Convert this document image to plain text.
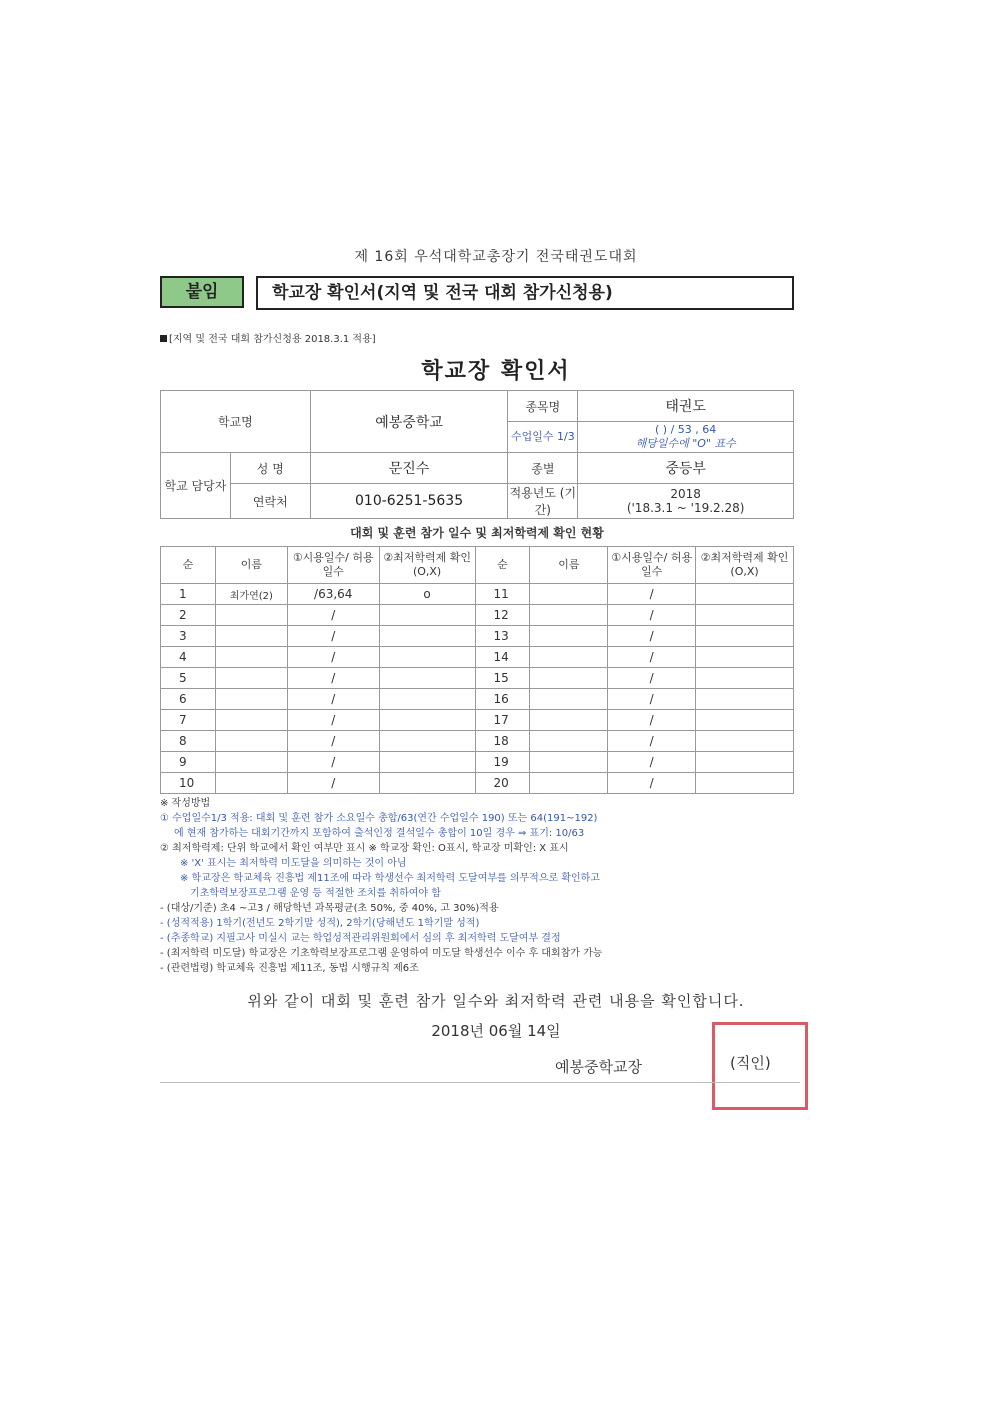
제 16회 우석대학교총장기 전국태권도대회
붙임	학교장 확인서(지역 및 전국 대회 참가신청용)
[지역 및 전국 대회 참가신청용 2018.3.1 적용]
학교장 확인서
학교명		예봉중학교	종목명	태권도
			수업일수 1/3	( ) / 53 , 64
해당일수에 "O" 표수

학교 담당자	성 명	문진수	종별	중등부
	연락처	010-6251-5635	적용년도 (기간)	2018
('18.3.1 ~ '19.2.28)
대회 및 훈련 참가 일수 및 최저학력제 확인 현황
순	이름	①시용일수/ 허용일수	②최저학력제 확인(O,X)	순	이름	①시용일수/ 허용일수	②최저학력제 확인(O,X)
1	최가연(2)	/63,64	o	11		/	
2		/		12		/	
3		/		13		/	
4		/		14		/	
5		/		15		/	
6		/		16		/	
7		/		17		/	
8		/		18		/	
9		/		19		/	
10		/		20		/	

※ 작성방법

① 수업일수1/3 적용: 대회 및 훈련 참가 소요일수 총합/63(연간 수업일수 190) 또는 64(191~192)

에 현재 참가하는 대회기간까지 포함하여 출석인정 결석일수 총합이 10일 경우 ⇒ 표기: 10/63

② 최저학력제: 단위 학교에서 확인 여부만 표시 ※ 학교장 확인: O표시, 학교장 미확인: X 표시

※ 'X' 표시는 최저학력 미도달을 의미하는 것이 아님

※ 학교장은 학교체육 진흥법 제11조에 따라 학생선수 최저학력 도달여부를 의무적으로 확인하고

기초학력보장프로그램 운영 등 적절한 조치를 취하여야 함

- (대상/기준) 초4 ~고3 / 해당학년 과목평균(초 50%, 중 40%, 고 30%)적용

- (성적적용) 1학기(전년도 2학기말 성적), 2학기(당해년도 1학기말 성적)

- (추종학교) 지필고사 미실시 교는 학업성적관리위원회에서 심의 후 최저학력 도달여부 결정

- (최저학력 미도달) 학교장은 기초학력보장프로그램 운영하여 미도달 학생선수 이수 후 대회참가 가능

- (관련법령) 학교체육 진흥법 제11조, 동법 시행규칙 제6조

위와 같이 대회 및 훈련 참가 일수와 최저학력 관련 내용을 확인합니다.
2018년 06월 14일
예봉중학교장	(직인)
